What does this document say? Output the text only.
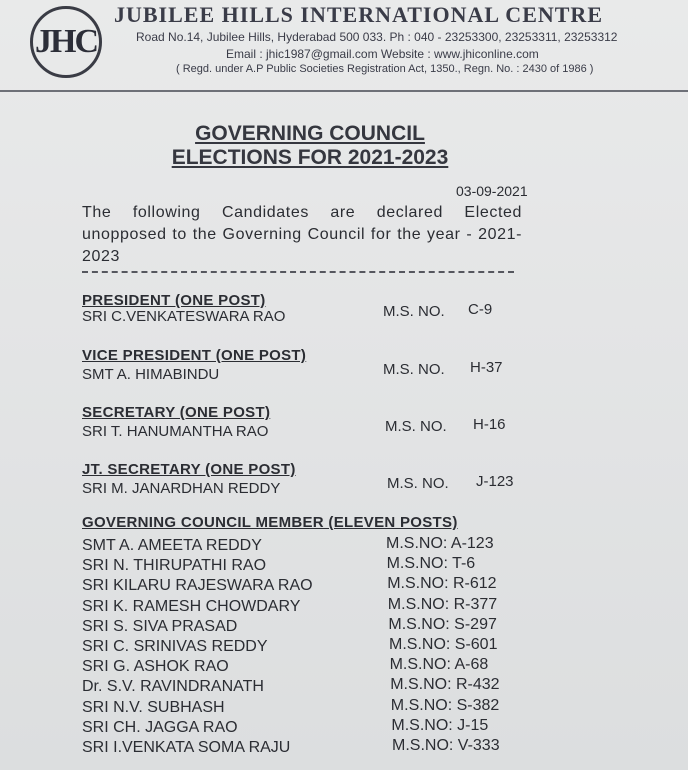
JHC
JUBILEE HILLS INTERNATIONAL CENTRE
Road No.14, Jubilee Hills, Hyderabad 500 033. Ph : 040 - 23253300, 23253311, 23253312
Email : jhic1987@gmail.com Website : www.jhiconline.com
( Regd. under A.P Public Societies Registration Act, 1350., Regn. No. : 2430 of 1986 )
GOVERNING COUNCIL
ELECTIONS FOR 2021-2023
03-09-2021
The following Candidates are declared Elected unopposed to the Governing Council for the year - 2021-2023
PRESIDENT (ONE POST)
SRI C.VENKATESWARA RAO	M.S. NO. C-9
VICE PRESIDENT (ONE POST)
SMT A. HIMABINDU	M.S. NO. H-37
SECRETARY (ONE POST)
SRI T. HANUMANTHA RAO	M.S. NO. H-16
JT. SECRETARY (ONE POST)
SRI M. JANARDHAN REDDY	M.S. NO. J-123
GOVERNING COUNCIL MEMBER (ELEVEN POSTS)
SMT A. AMEETA REDDY	M.S.NO: A-123
SRI N. THIRUPATHI RAO	M.S.NO: T-6
SRI KILARU RAJESWARA RAO	M.S.NO: R-612
SRI K. RAMESH CHOWDARY	M.S.NO: R-377
SRI S. SIVA PRASAD	M.S.NO: S-297
SRI C. SRINIVAS REDDY	M.S.NO: S-601
SRI G. ASHOK RAO	M.S.NO: A-68
Dr. S.V. RAVINDRANATH	M.S.NO: R-432
SRI N.V. SUBHASH	M.S.NO: S-382
SRI CH. JAGGA RAO	M.S.NO: J-15
SRI I.VENKATA SOMA RAJU	M.S.NO: V-333
